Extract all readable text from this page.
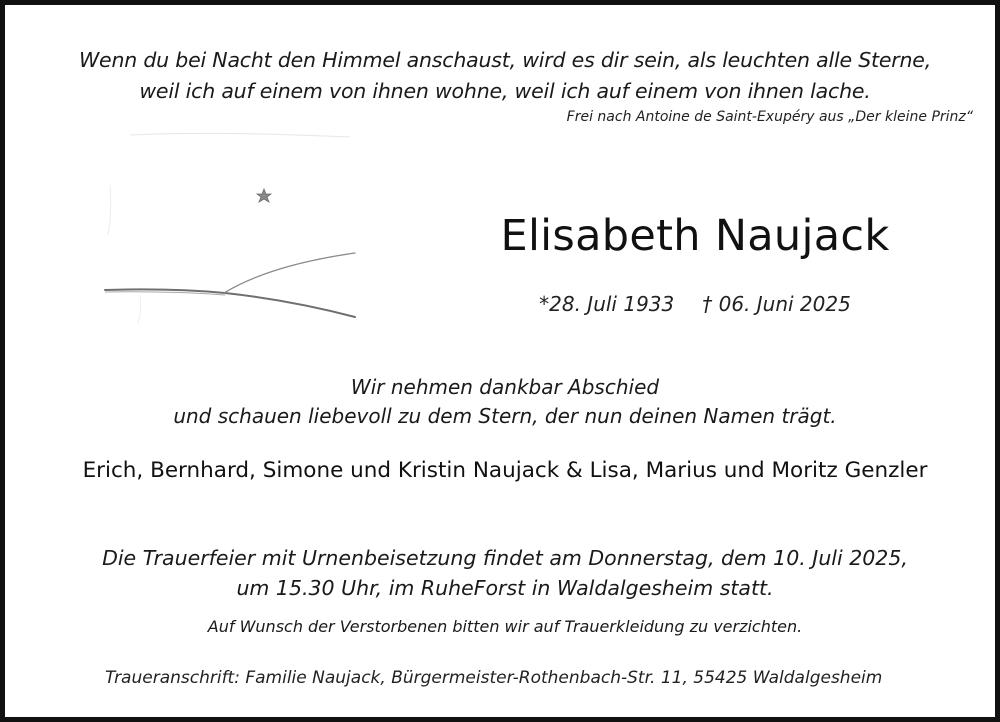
Wenn du bei Nacht den Himmel anschaust, wird es dir sein, als leuchten alle Sterne,
weil ich auf einem von ihnen wohne, weil ich auf einem von ihnen lache.
Frei nach Antoine de Saint-Exupéry aus „Der kleine Prinz“
Elisabeth Naujack
*28. Juli 1933 † 06. Juni 2025
Wir nehmen dankbar Abschied
und schauen liebevoll zu dem Stern, der nun deinen Namen trägt.
Erich, Bernhard, Simone und Kristin Naujack & Lisa, Marius und Moritz Genzler
Die Trauerfeier mit Urnenbeisetzung findet am Donnerstag, dem 10. Juli 2025,
um 15.30 Uhr, im RuheForst in Waldalgesheim statt.
Auf Wunsch der Verstorbenen bitten wir auf Trauerkleidung zu verzichten.
Traueranschrift: Familie Naujack, Bürgermeister-Rothenbach-Str. 11, 55425 Waldalgesheim
